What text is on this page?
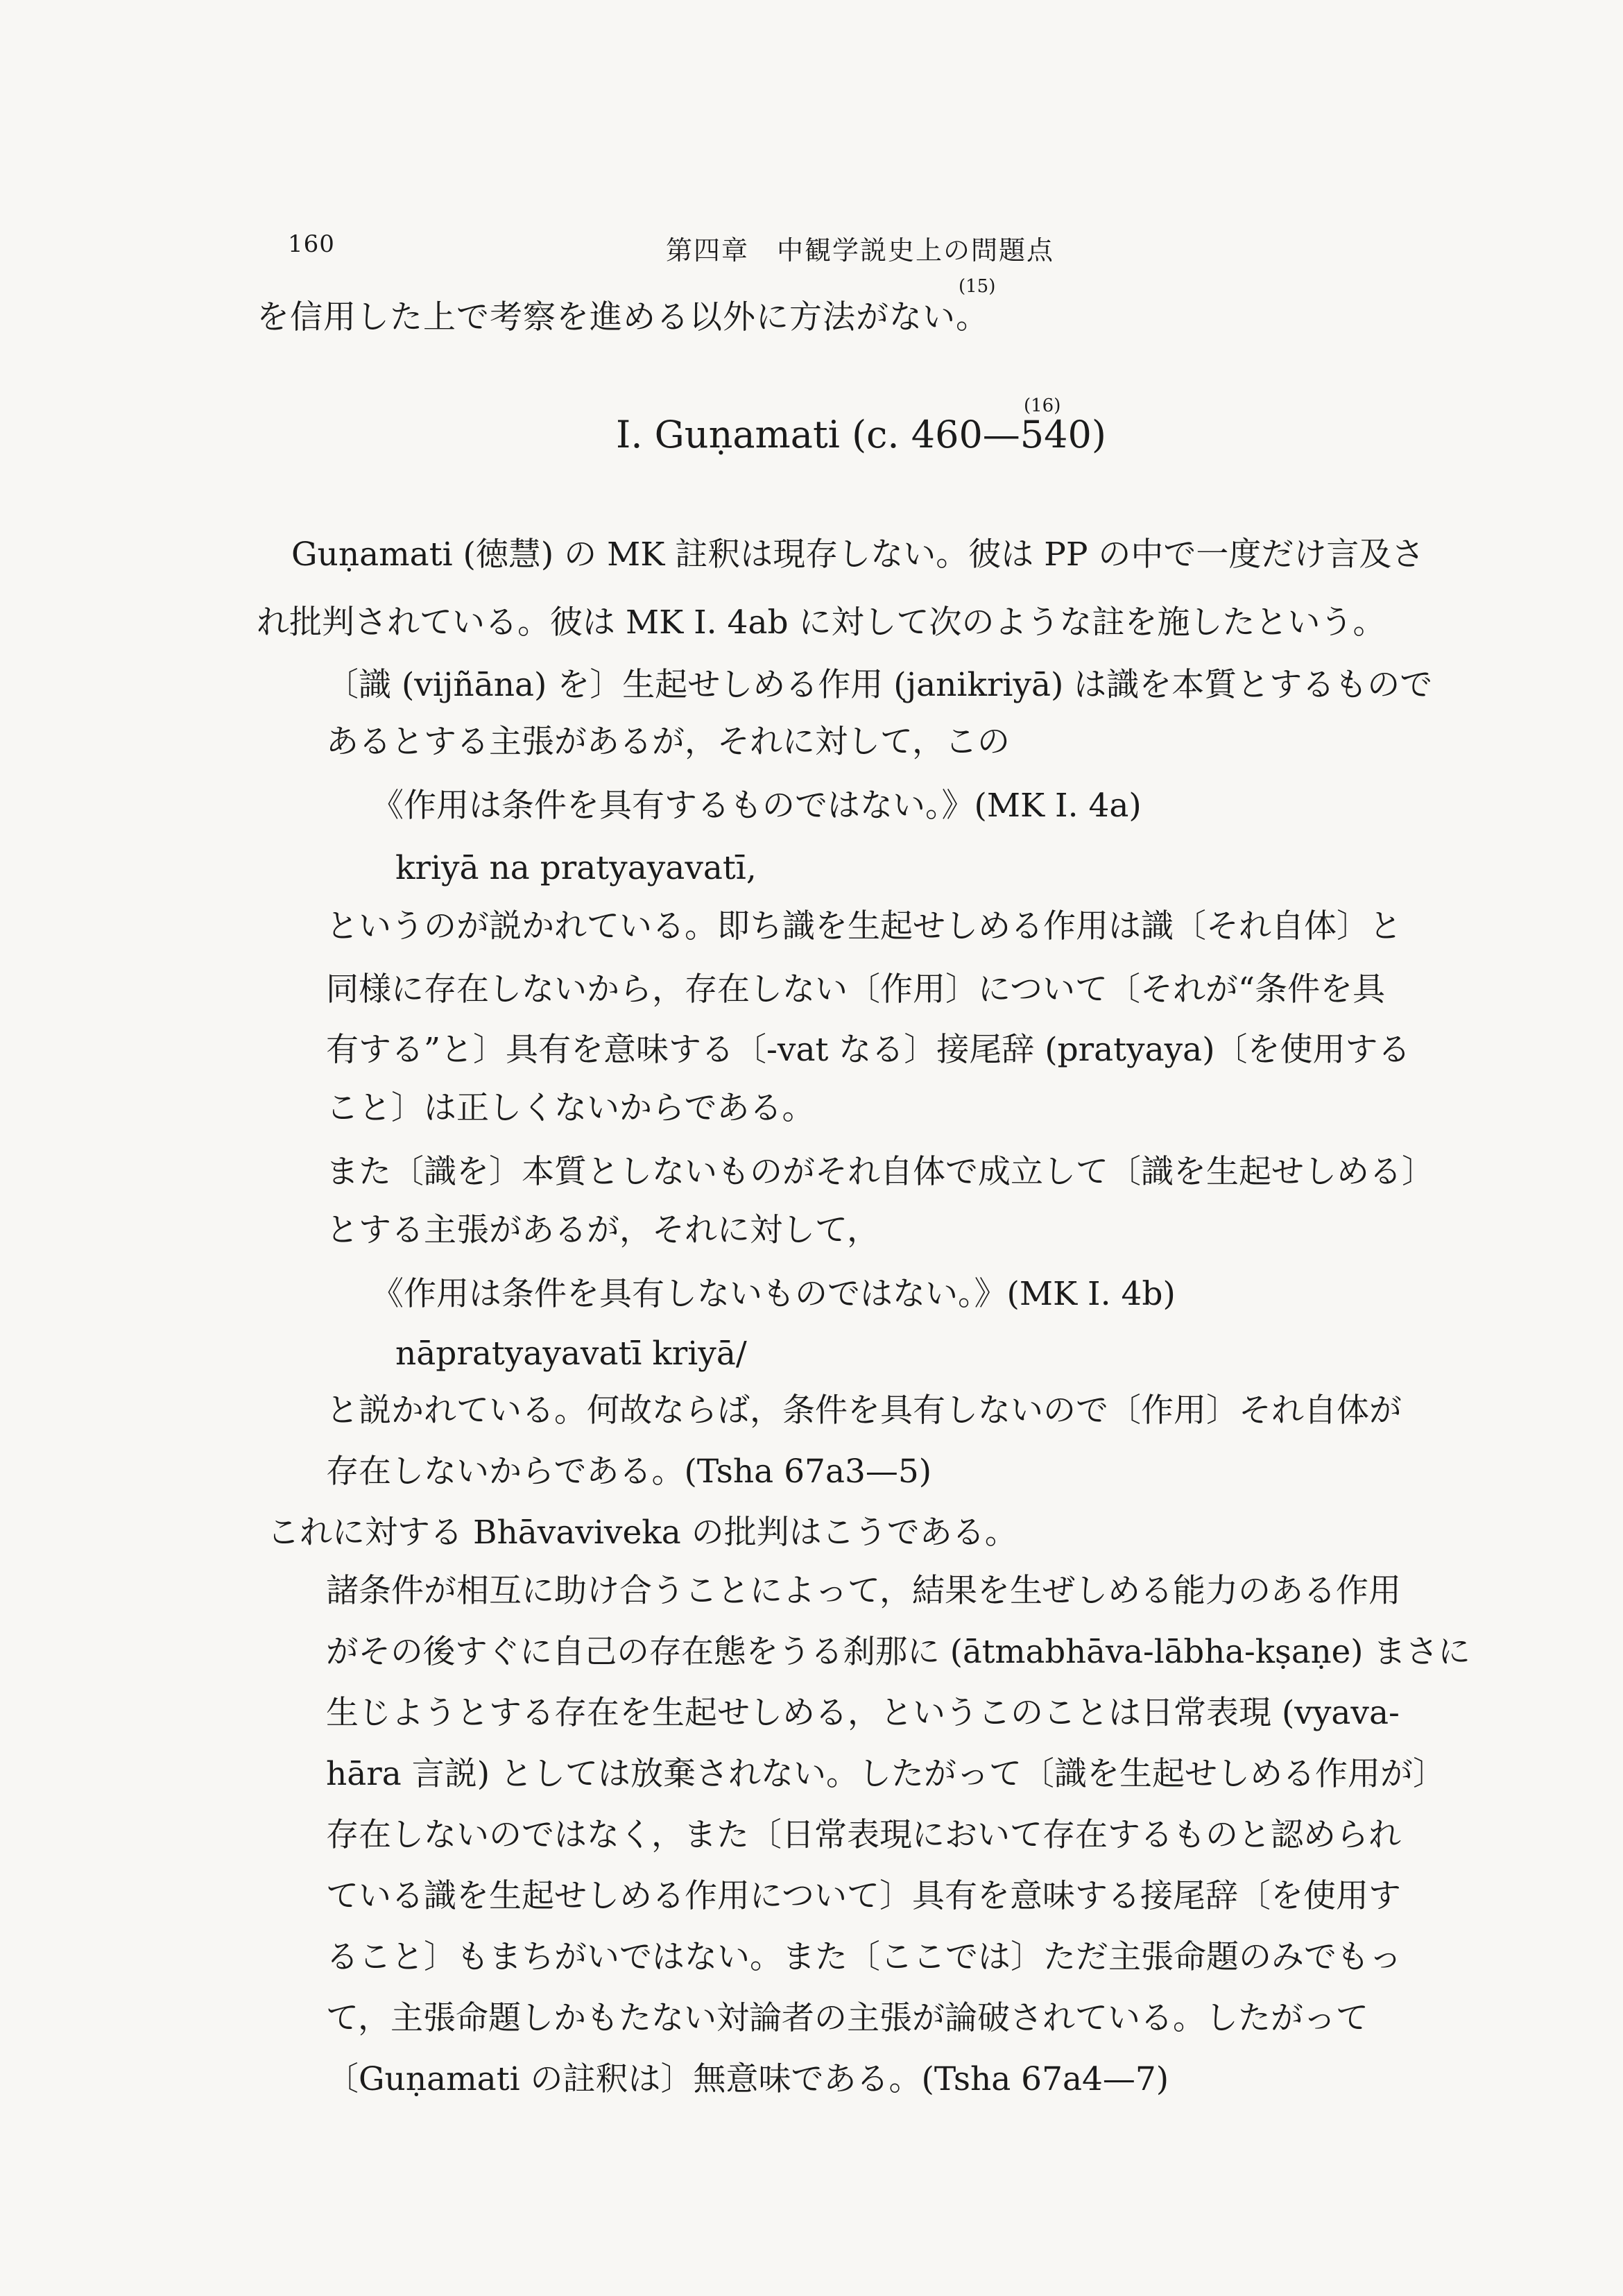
160	第四章　中観学説史上の問題点
(15)
を信用した上で考察を進める以外に方法がない。
(16)
I. Guṇamati (c. 460—540)
Guṇamati (徳慧) の MK 註釈は現存しない。彼は PP の中で一度だけ言及さ
れ批判されている。彼は MK I. 4ab に対して次のような註を施したという。
〔識 (vijñāna) を〕生起せしめる作用 (janikriyā) は識を本質とするもので
あるとする主張があるが，それに対して，この
《作用は条件を具有するものではない。》(MK I. 4a)
kriyā na pratyayavatī,
というのが説かれている。即ち識を生起せしめる作用は識〔それ自体〕と
同様に存在しないから，存在しない〔作用〕について〔それが“条件を具
有する”と〕具有を意味する〔-vat なる〕接尾辞 (pratyaya)〔を使用する
こと〕は正しくないからである。
また〔識を〕本質としないものがそれ自体で成立して〔識を生起せしめる〕
とする主張があるが，それに対して，
《作用は条件を具有しないものではない。》(MK I. 4b)
nāpratyayavatī kriyā/
と説かれている。何故ならば，条件を具有しないので〔作用〕それ自体が
存在しないからである。(Tsha 67a3—5)
これに対する Bhāvaviveka の批判はこうである。
諸条件が相互に助け合うことによって，結果を生ぜしめる能力のある作用
がその後すぐに自己の存在態をうる刹那に (ātmabhāva-lābha-kṣaṇe) まさに
生じようとする存在を生起せしめる，というこのことは日常表現 (vyava-
hāra 言説) としては放棄されない。したがって〔識を生起せしめる作用が〕
存在しないのではなく，また〔日常表現において存在するものと認められ
ている識を生起せしめる作用について〕具有を意味する接尾辞〔を使用す
ること〕もまちがいではない。また〔ここでは〕ただ主張命題のみでもっ
て，主張命題しかもたない対論者の主張が論破されている。したがって
〔Guṇamati の註釈は〕無意味である。(Tsha 67a4—7)
